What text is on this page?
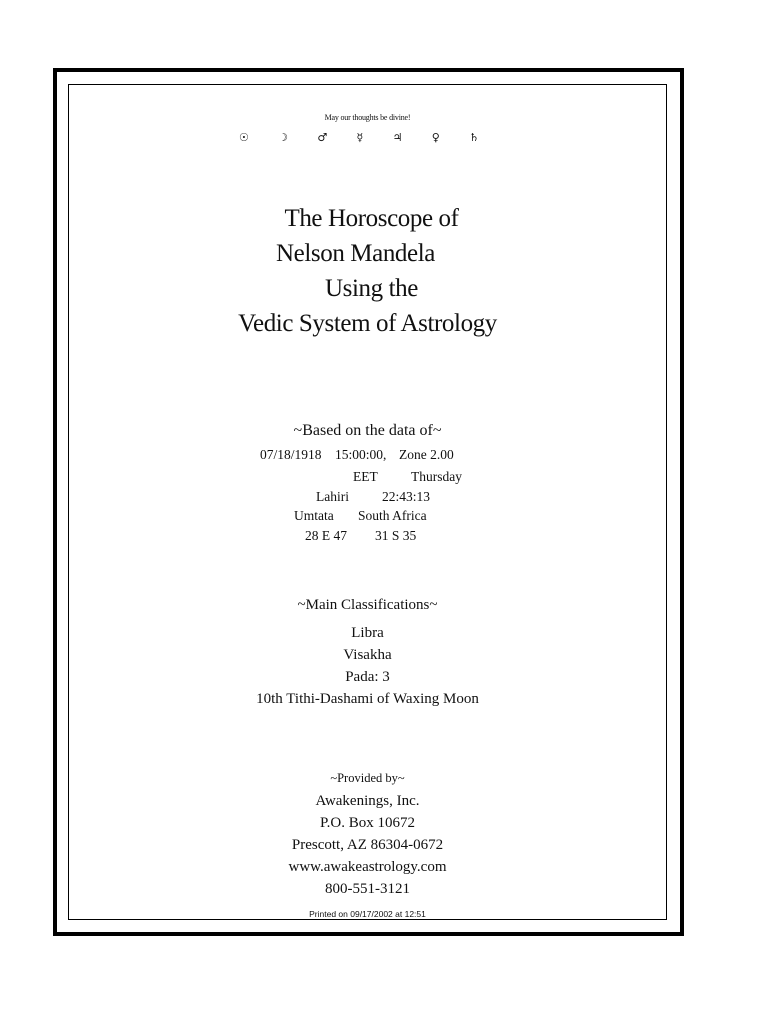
May our thoughts be divine!
☉	☽	♂	☿	♃	♀	♄
The Horoscope of
Nelson Mandela
Using the
Vedic System of Astrology
~Based on the data of~
07/18/1918 15:00:00, Zone 2.00
EET Thursday
Lahiri 22:43:13
Umtata South Africa
28 E 47 31 S 35
~Main Classifications~
Libra
Visakha
Pada: 3
10th Tithi-Dashami of Waxing Moon
~Provided by~
Awakenings, Inc.
P.O. Box 10672
Prescott, AZ 86304-0672
www.awakeastrology.com
800-551-3121
Printed on 09/17/2002 at 12:51
